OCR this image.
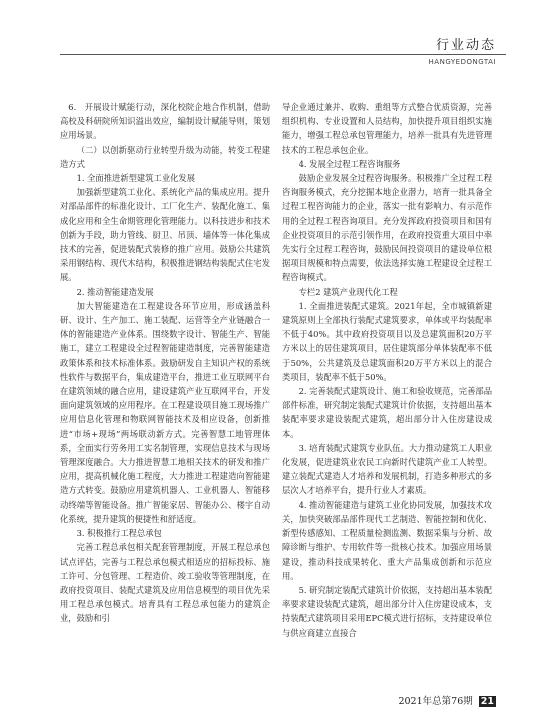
行业动态
HANGYEDONGTAI

6.　开展设计赋能行动，深化校院企地合作机制，借助高校及科研院所知识溢出效应，编制设计赋能导则，策划应用场景。

（二）以创新驱动行业转型升级为动能，转变工程建造方式

1. 全面推进新型建筑工业化发展

加强新型建筑工业化、系统化产品的集成应用。提升对部品部件的标准化设计、工厂化生产、装配化施工、集成化应用和全生命期管理化管理能力。以科技进步和技术创新为手段，助力管线、厨卫、吊顶、墙体等一体化集成技术的完善，促进装配式装修的推广应用。鼓励公共建筑采用钢结构、现代木结构，积极推进钢结构装配式住宅发展。

2. 推动智能建造发展

加大智能建造在工程建设各环节应用，形成涵盖科研、设计、生产加工、施工装配、运营等全产业链融合一体的智能建造产业体系。围绕数字设计、智能生产、智能施工，建立工程建设全过程智能建造制度，完善智能建造政策体系和技术标准体系。鼓励研发自主知识产权的系统性软件与数据平台，集成建造平台，推进工业互联网平台在建筑领域的融合应用，建设建筑产业互联网平台，开发面向建筑领域的应用程序。在工程建设项目施工现场推广应用信息化管理和物联网智能技术及相应设备，创新推进“市场+现场”两场联动新方式。完善智慧工地管理体系，全面实行劳务用工实名制管理，实现信息技术与现场管理深度融合。大力推进智慧工地相关技术的研发和推广应用，提高机械化施工程度，大力推进工程建造向智能建造方式转变。鼓励应用建筑机器人、工业机器人、智能移动终端等智能设备。推广智能家居、智能办公、楼宇自动化系统，提升建筑的便捷性和舒适度。

3. 积极推行工程总承包

完善工程总承包相关配套管理制度，开展工程总承包试点评估，完善与工程总承包模式相适应的招标投标、施工许可、分包管理、工程造价、竣工验收等管理制度，在政府投资项目、装配式建筑及应用信息模型的项目优先采用工程总承包模式。培育具有工程总承包能力的建筑企业，鼓励和引

导企业通过兼并、收购、重组等方式整合优质资源，完善组织机构、专业设置和人员结构，加快提升项目组织实施能力，增强工程总承包管理能力，培养一批具有先进管理技术的工程总承包企业。

4. 发展全过程工程咨询服务

鼓励企业发展全过程咨询服务。积极推广全过程工程咨询服务模式，充分挖掘本地企业潜力，培育一批具备全过程工程咨询能力的企业，落实一批有影响力、有示范作用的全过程工程咨询项目。充分发挥政府投资项目和国有企业投资项目的示范引领作用，在政府投资重大项目中率先实行全过程工程咨询，鼓励民间投资项目的建设单位根据项目规模和特点需要，依法选择实施工程建设全过程工程咨询模式。

专栏2 建筑产业现代化工程

1. 全面推进装配式建筑。2021年起，全市城镇新建建筑原则上全部执行装配式建筑要求，单体或平均装配率不低于40%。其中政府投资项目以及总建筑面积20万平方米以上的居住建筑项目，居住建筑部分单体装配率不低于50%，公共建筑及总建筑面积20万平方米以上的混合类项目，装配率不低于50%。

2. 完善装配式建筑设计、施工和验收规范，完善部品部件标准，研究制定装配式建筑计价依据，支持超出基本装配率要求建设装配式建筑，超出部分计入住房建设成本。

3. 培育装配式建筑专业队伍。大力推动建筑工人职业化发展，促进建筑业农民工向新时代建筑产业工人转型。建立装配式建造人才培养和发展机制，打造多种形式的多层次人才培养平台，提升行业人才素质。

4. 推动智能建造与建筑工业化协同发展，加强技术攻关，加快突破部品部件现代工艺制造、智能控制和优化、新型传感感知、工程质量检测监测、数据采集与分析、故障诊断与维护、专用软件等一批核心技术。加强应用场景建设，推动科技成果转化、重大产品集成创新和示范应用。

5. 研究制定装配式建筑计价依据，支持超出基本装配率要求建设装配式建筑，超出部分计入住房建设成本，支持装配式建筑项目采用EPC模式进行招标，支持建设单位与供应商建立直接合

2021年总第76期 21
